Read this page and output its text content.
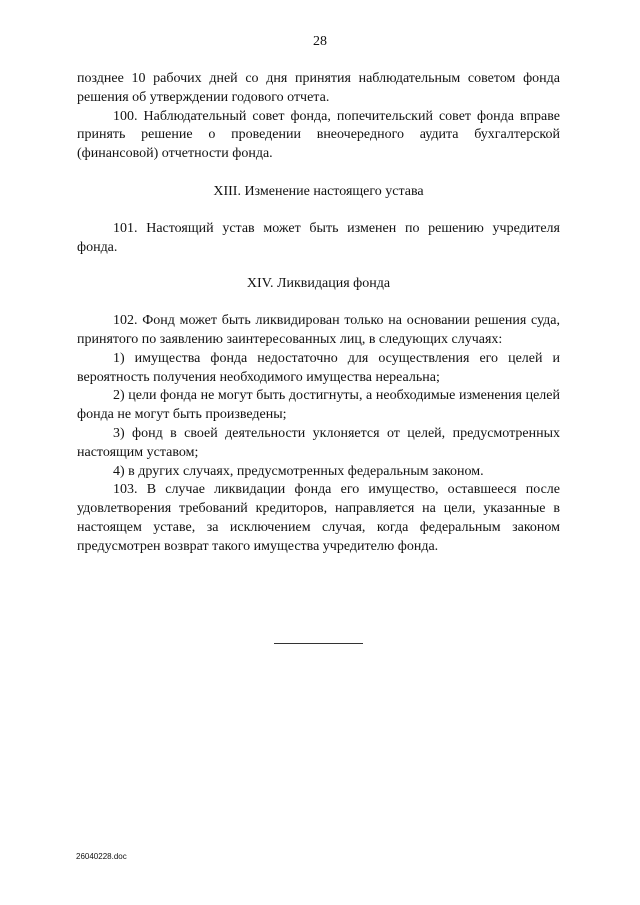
28

позднее 10 рабочих дней со дня принятия наблюдательным советом фонда решения об утверждении годового отчета.

100. Наблюдательный совет фонда, попечительский совет фонда вправе принять решение о проведении внеочередного аудита бухгалтерской (финансовой) отчетности фонда.

XIII. Изменение настоящего устава

101. Настоящий устав может быть изменен по решению учредителя фонда.

XIV. Ликвидация фонда

102. Фонд может быть ликвидирован только на основании решения суда, принятого по заявлению заинтересованных лиц, в следующих случаях:

1) имущества фонда недостаточно для осуществления его целей и вероятность получения необходимого имущества нереальна;

2) цели фонда не могут быть достигнуты, а необходимые изменения целей фонда не могут быть произведены;

3) фонд в своей деятельности уклоняется от целей, предусмотренных настоящим уставом;

4) в других случаях, предусмотренных федеральным законом.

103. В случае ликвидации фонда его имущество, оставшееся после удовлетворения требований кредиторов, направляется на цели, указанные в настоящем уставе, за исключением случая, когда федеральным законом предусмотрен возврат такого имущества учредителю фонда.

26040228.doc
